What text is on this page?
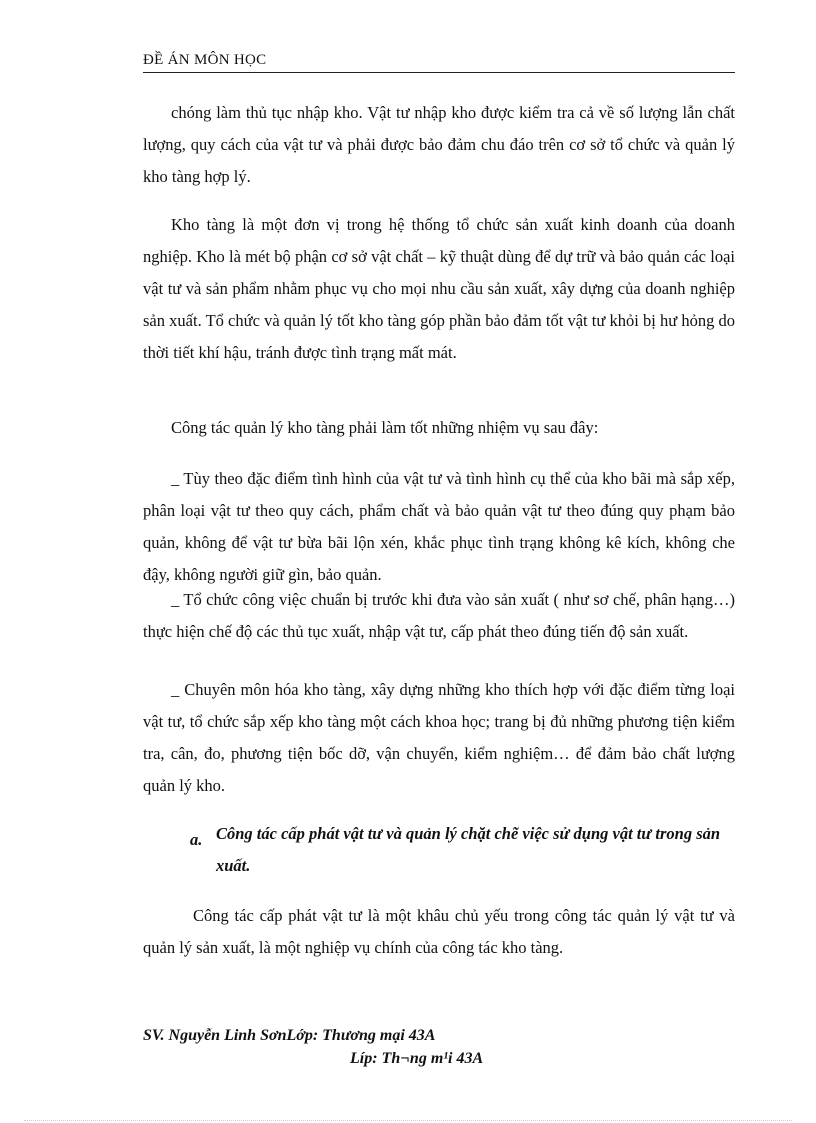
ĐỀ ÁN MÔN HỌC

chóng làm thủ tục nhập kho. Vật tư nhập kho được kiểm tra cả về số lượng lẫn chất lượng, quy cách của vật tư và phải được bảo đảm chu đáo trên cơ sở tổ chức và quản lý kho tàng hợp lý.

Kho tàng là một đơn vị trong hệ thống tổ chức sản xuất kinh doanh của doanh nghiệp. Kho là mét bộ phận cơ sở vật chất – kỹ thuật dùng để dự trữ và bảo quản các loại vật tư và sản phẩm nhằm phục vụ cho mọi nhu cầu sản xuất, xây dựng của doanh nghiệp sản xuất. Tổ chức và quản lý tốt kho tàng góp phần bảo đảm tốt vật tư khỏi bị hư hỏng do thời tiết khí hậu, tránh được tình trạng mất mát.

Công tác quản lý kho tàng phải làm tốt những nhiệm vụ sau đây:

_ Tùy theo đặc điểm tình hình của vật tư và tình hình cụ thể của kho bãi mà sắp xếp, phân loại vật tư theo quy cách, phẩm chất và bảo quản vật tư theo đúng quy phạm bảo quản, không để vật tư bừa bãi lộn xén, khắc phục tình trạng không kê kích, không che đậy, không người giữ gìn, bảo quản.

_ Tổ chức công việc chuẩn bị trước khi đưa vào sản xuất ( như sơ chế, phân hạng…) thực hiện chế độ các thủ tục xuất, nhập vật tư, cấp phát theo đúng tiến độ sản xuất.

_ Chuyên môn hóa kho tàng, xây dựng những kho thích hợp với đặc điểm từng loại vật tư, tổ chức sắp xếp kho tàng một cách khoa học; trang bị đủ những phương tiện kiểm tra, cân, đo, phương tiện bốc dỡ, vận chuyển, kiểm nghiệm… để đảm bảo chất lượng quản lý kho.

a. Công tác cấp phát vật tư và quản lý chặt chẽ việc sử dụng vật tư trong sản xuất.

Công tác cấp phát vật tư là một khâu chủ yếu trong công tác quản lý vật tư và quản lý sản xuất, là một nghiệp vụ chính của công tác kho tàng.

SV. Nguyễn Linh SơnLớp: Thương mại 43A
Líp: Th¬ng m¹i 43A
